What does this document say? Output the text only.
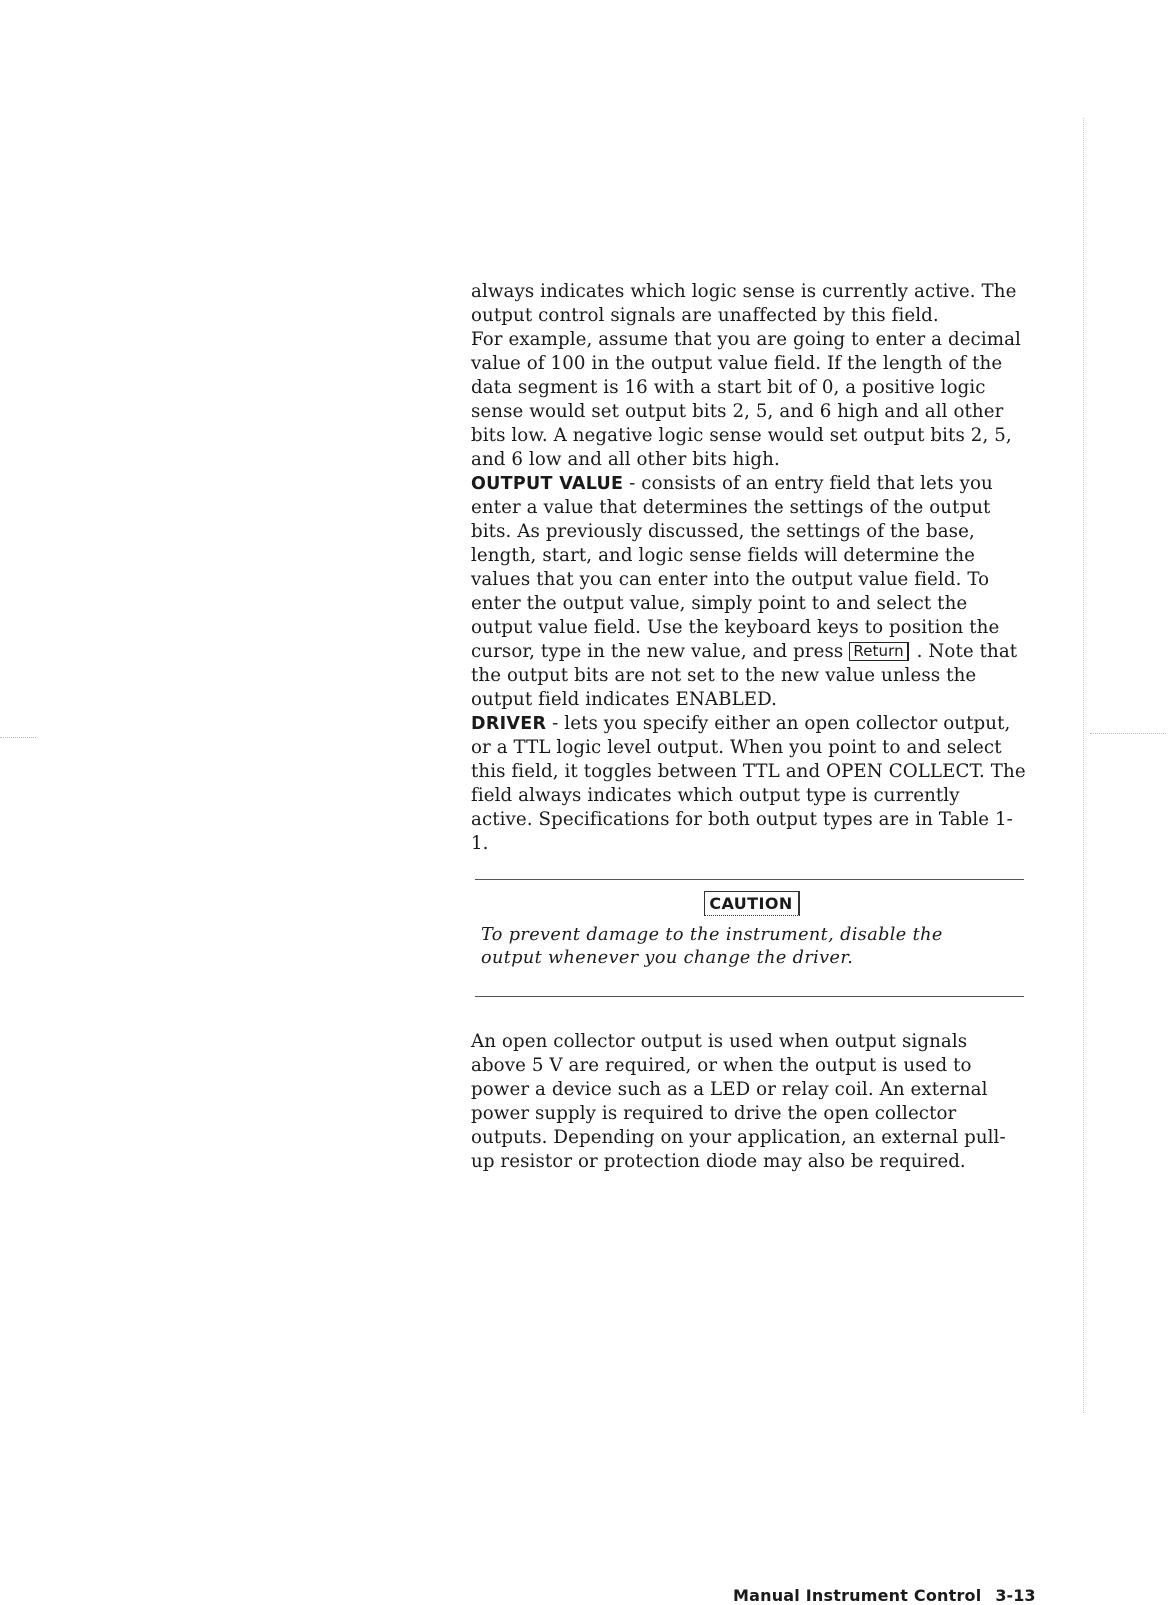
always indicates which logic sense is currently active. The output control signals are unaffected by this field.

For example, assume that you are going to enter a decimal value of 100 in the output value field. If the length of the data segment is 16 with a start bit of 0, a positive logic sense would set output bits 2, 5, and 6 high and all other bits low. A negative logic sense would set output bits 2, 5, and 6 low and all other bits high.

OUTPUT VALUE - consists of an entry field that lets you enter a value that determines the settings of the output bits. As previously discussed, the settings of the base, length, start, and logic sense fields will determine the values that you can enter into the output value field. To enter the output value, simply point to and select the output value field. Use the keyboard keys to position the cursor, type in the new value, and press Return . Note that the output bits are not set to the new value unless the output field indicates ENABLED.

DRIVER - lets you specify either an open collector output, or a TTL logic level output. When you point to and select this field, it toggles between TTL and OPEN COLLECT. The field always indicates which output type is currently active. Specifications for both output types are in Table 1-1.

CAUTION

To prevent damage to the instrument, disable the output whenever you change the driver.

An open collector output is used when output signals above 5 V are required, or when the output is used to power a device such as a LED or relay coil. An external power supply is required to drive the open collector outputs. Depending on your application, an external pull-up resistor or protection diode may also be required.

Manual Instrument Control 3-13
